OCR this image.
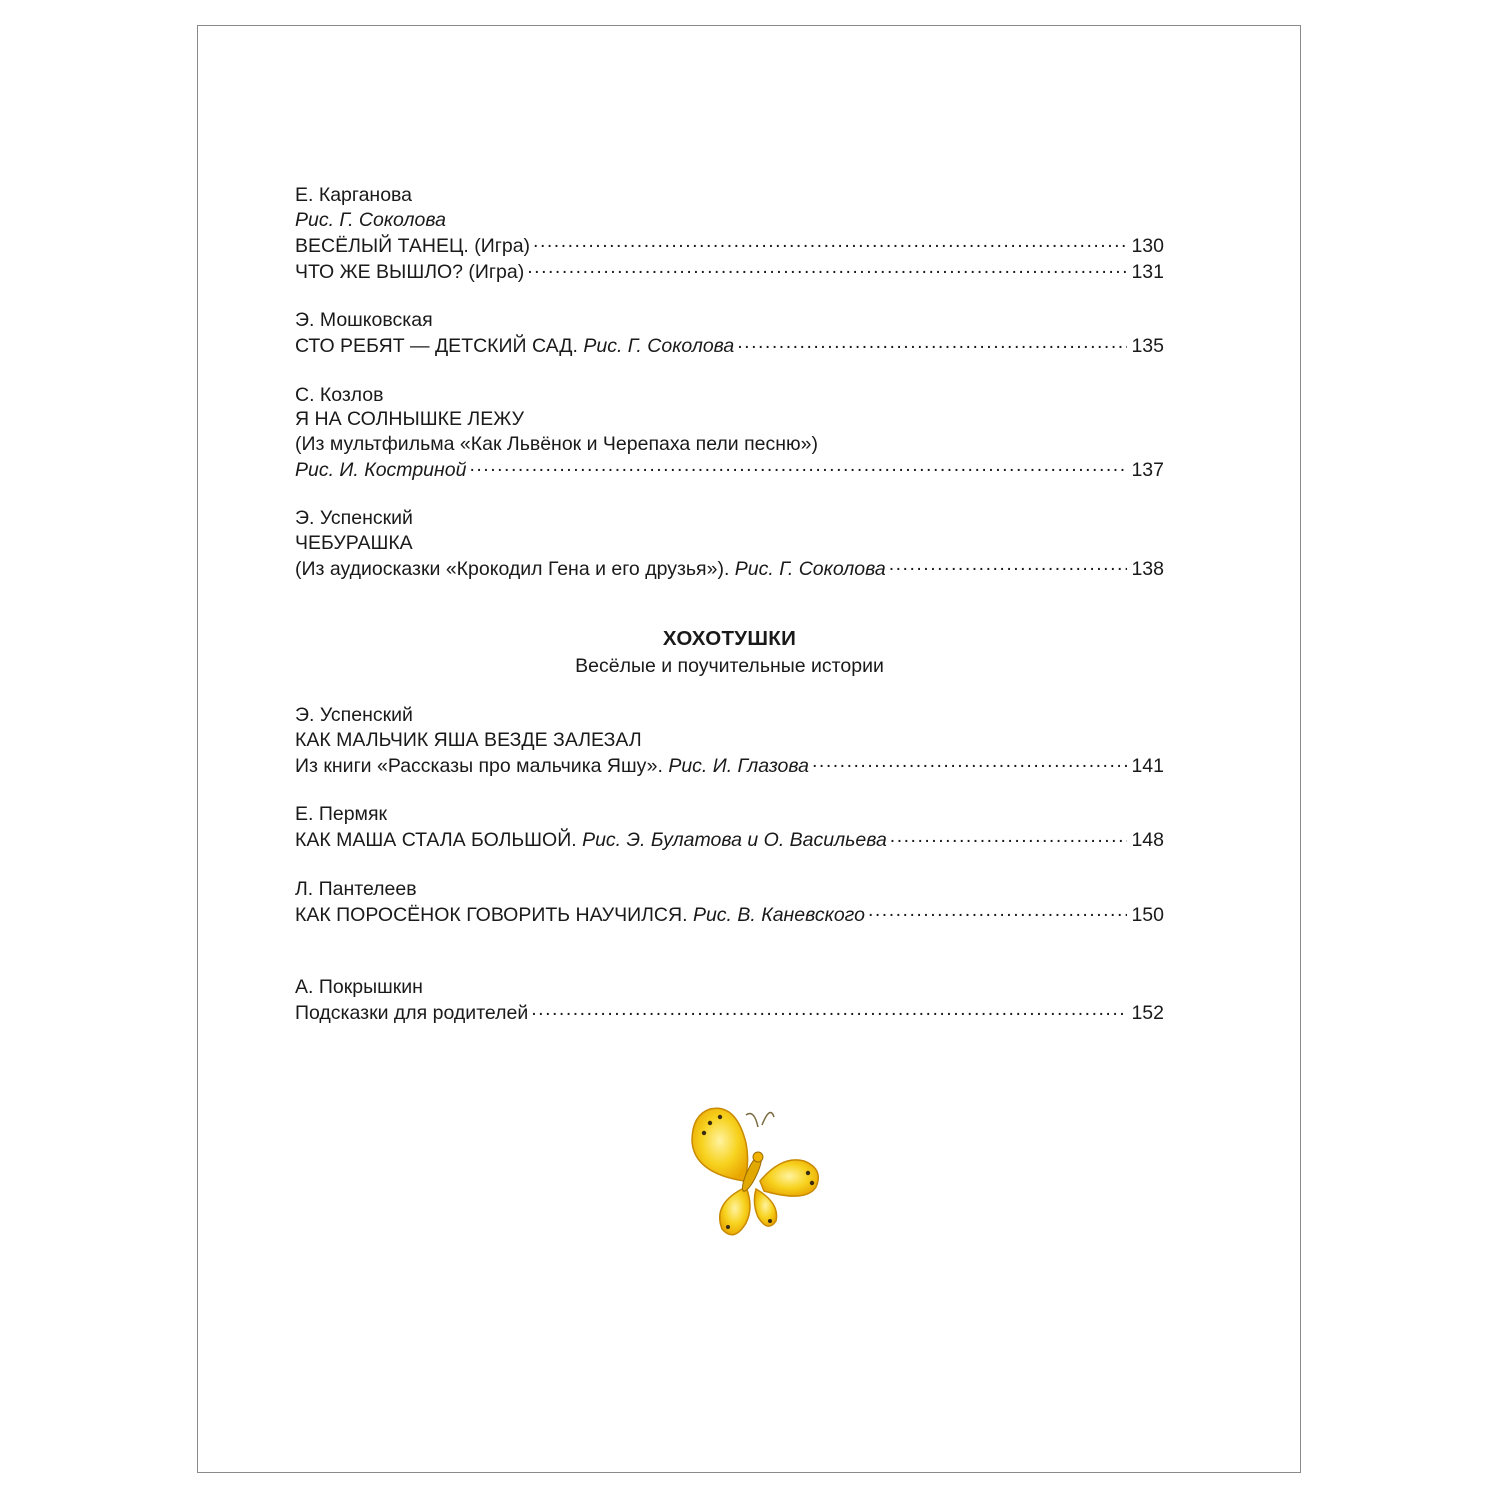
Е. Карганова
Рис. Г. Соколова
ВЕСЁЛЫЙ ТАНЕЦ. (Игра) .....	130
ЧТО ЖЕ ВЫШЛО? (Игра) .....	131
Э. Мошковская
СТО РЕБЯТ — ДЕТСКИЙ САД. Рис. Г. Соколова .....	135
С. Козлов
Я НА СОЛНЫШКЕ ЛЕЖУ
(Из мультфильма «Как Львёнок и Черепаха пели песню»)
Рис. И. Костриной .....	137
Э. Успенский
ЧЕБУРАШКА
(Из аудиосказки «Крокодил Гена и его друзья»). Рис. Г. Соколова .....	138
ХОХОТУШКИ
Весёлые и поучительные истории
Э. Успенский
КАК МАЛЬЧИК ЯША ВЕЗДЕ ЗАЛЕЗАЛ
Из книги «Рассказы про мальчика Яшу». Рис. И. Глазова .....	141
Е. Пермяк
КАК МАША СТАЛА БОЛЬШОЙ. Рис. Э. Булатова и О. Васильева .....	148
Л. Пантелеев
КАК ПОРОСЁНОК ГОВОРИТЬ НАУЧИЛСЯ. Рис. В. Каневского .....	150
А. Покрышкин
Подсказки для родителей .....	152
